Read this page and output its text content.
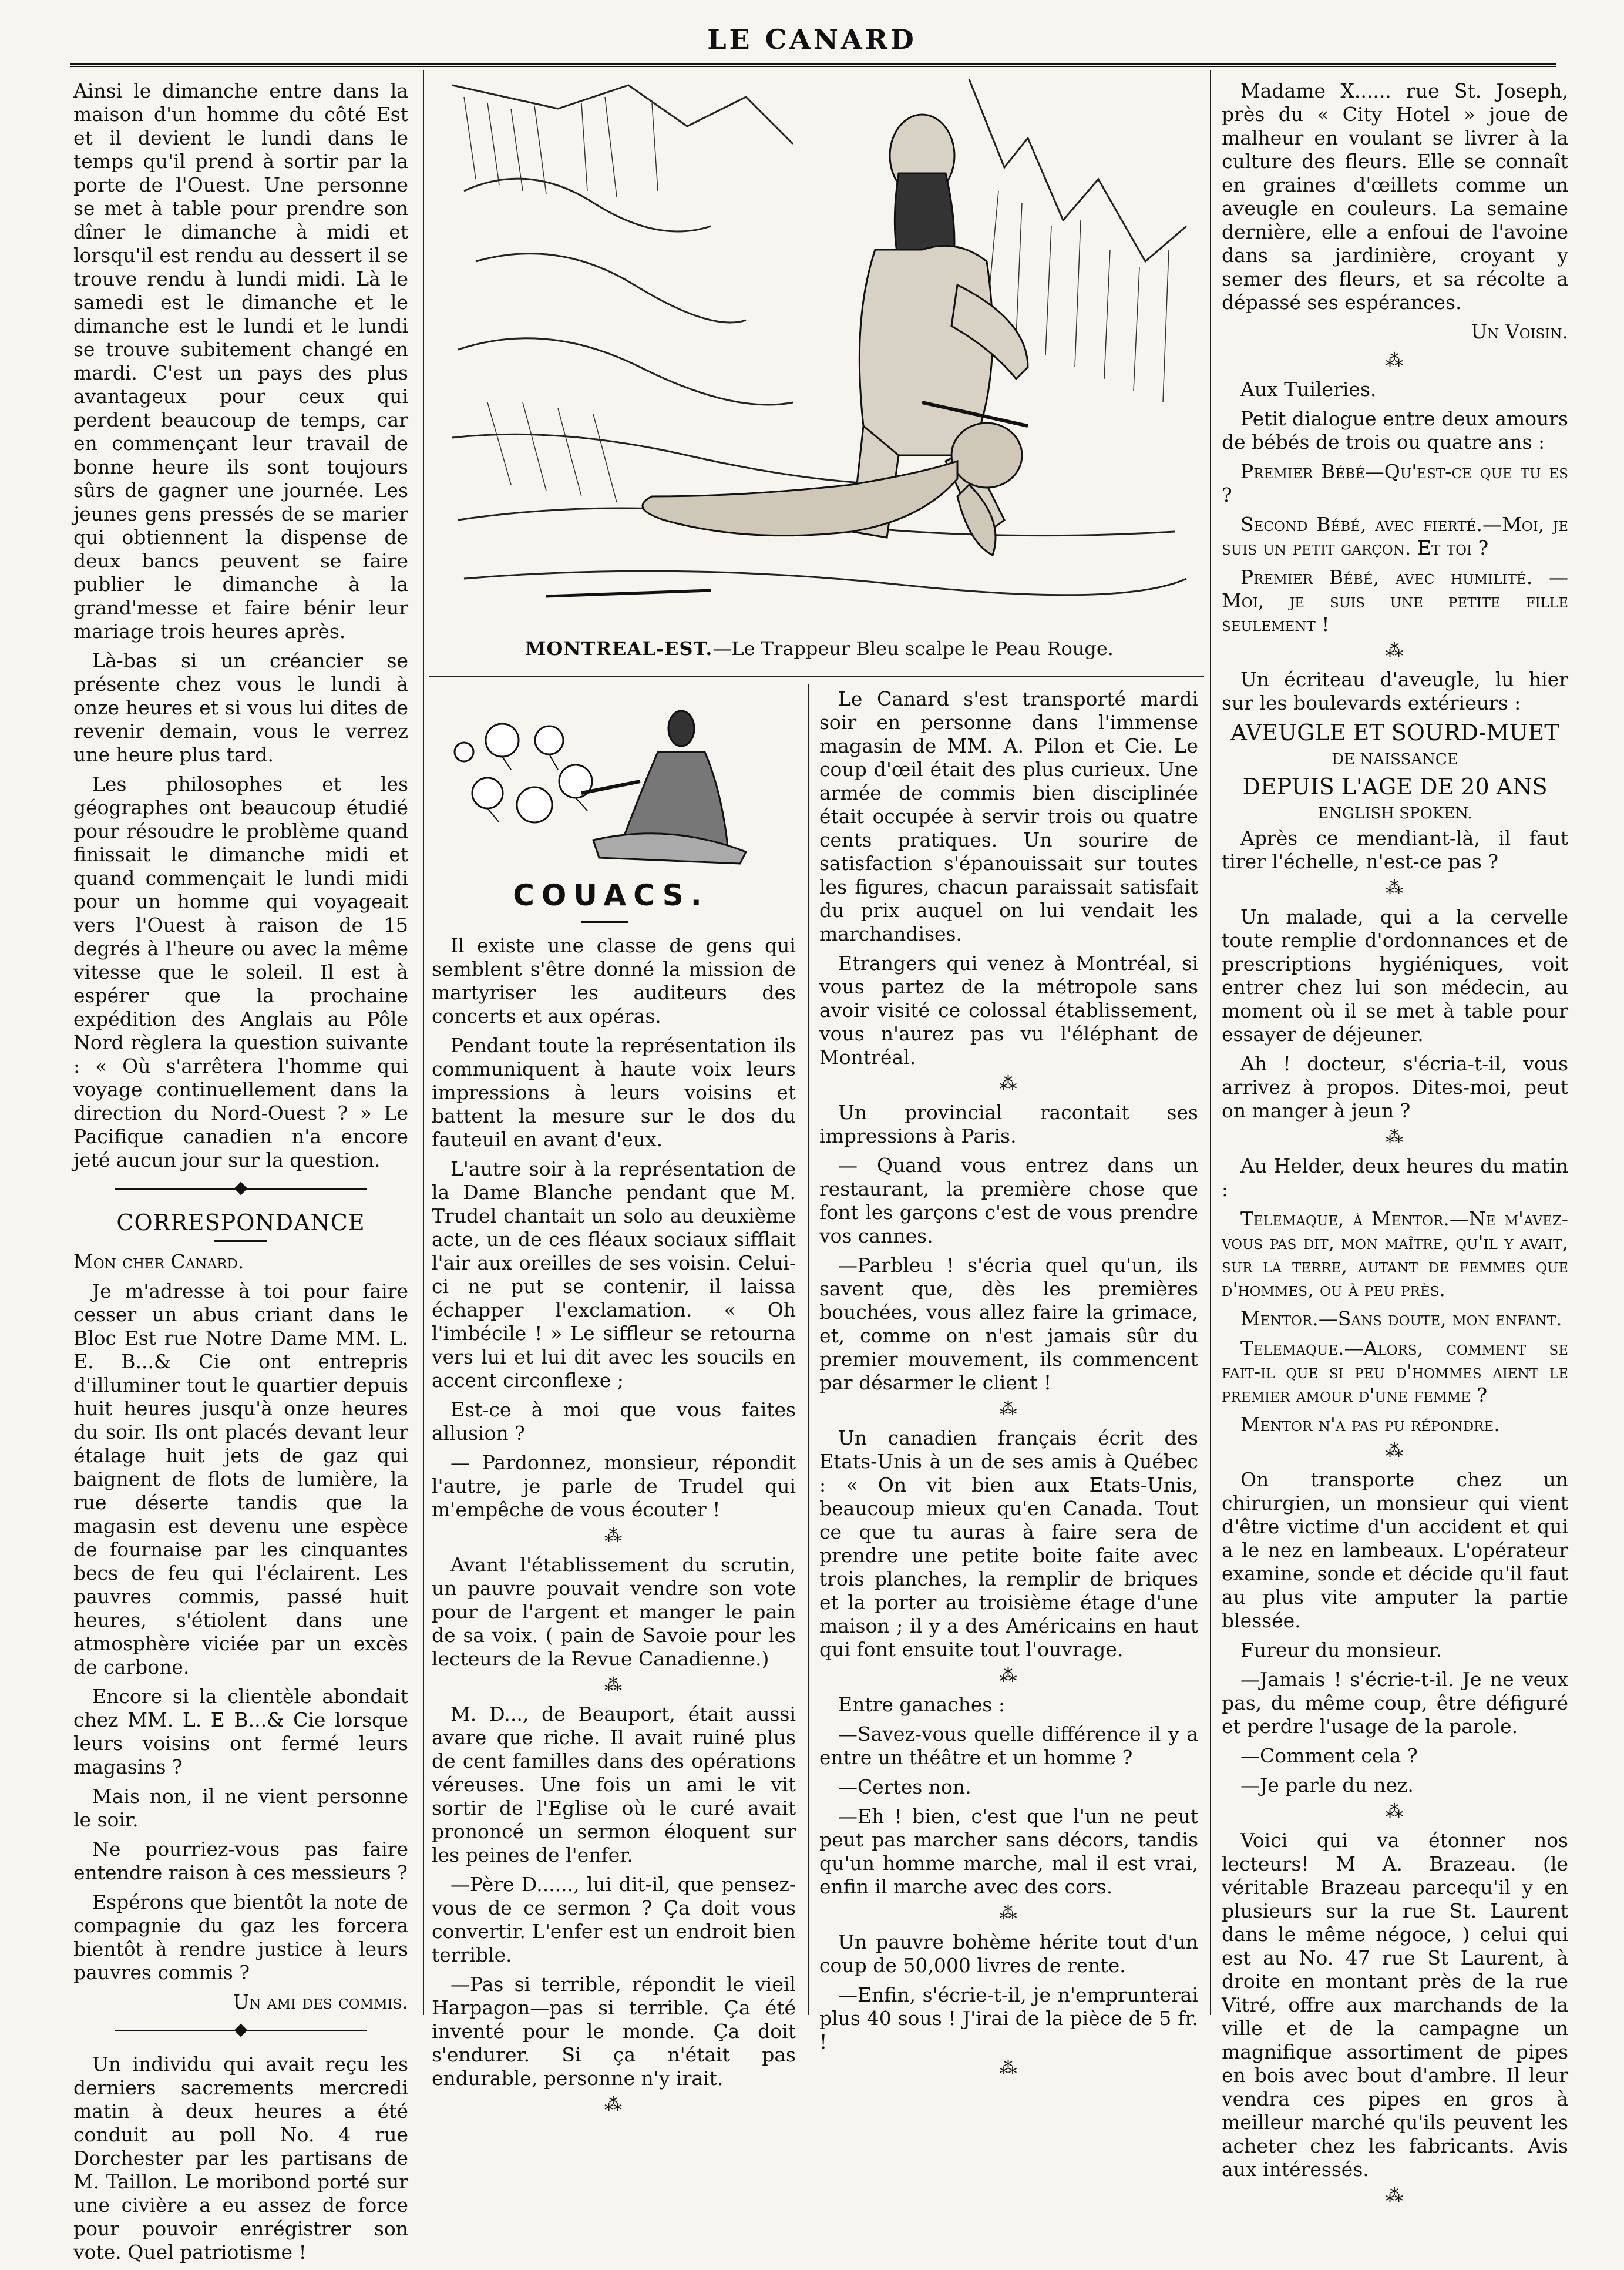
LE CANARD

Ainsi le dimanche entre dans la maison d'un homme du côté Est et il devient le lundi dans le temps qu'il prend à sortir par la porte de l'Ouest. Une personne se met à table pour prendre son dîner le dimanche à midi et lorsqu'il est rendu au dessert il se trouve rendu à lundi midi. Là le samedi est le dimanche et le dimanche est le lundi et le lundi se trouve subitement changé en mardi. C'est un pays des plus avantageux pour ceux qui perdent beaucoup de temps, car en commençant leur travail de bonne heure ils sont toujours sûrs de gagner une journée. Les jeunes gens pressés de se marier qui obtiennent la dispense de deux bancs peuvent se faire publier le dimanche à la grand'messe et faire bénir leur mariage trois heures après.

Là-bas si un créancier se présente chez vous le lundi à onze heures et si vous lui dites de revenir demain, vous le verrez une heure plus tard.

Les philosophes et les géographes ont beaucoup étudié pour résoudre le problème quand finissait le dimanche midi et quand commençait le lundi midi pour un homme qui voyageait vers l'Ouest à raison de 15 degrés à l'heure ou avec la même vitesse que le soleil. Il est à espérer que la prochaine expédition des Anglais au Pôle Nord règlera la question suivante : « Où s'arrêtera l'homme qui voyage continuellement dans la direction du Nord-Ouest ? » Le Pacifique canadien n'a encore jeté aucun jour sur la question.

CORRESPONDANCE

Mon cher Canard.

Je m'adresse à toi pour faire cesser un abus criant dans le Bloc Est rue Notre Dame MM. L. E. B...& Cie ont entrepris d'illuminer tout le quartier depuis huit heures jusqu'à onze heures du soir. Ils ont placés devant leur étalage huit jets de gaz qui baignent de flots de lumière, la rue déserte tandis que la magasin est devenu une espèce de fournaise par les cinquantes becs de feu qui l'éclairent. Les pauvres commis, passé huit heures, s'étiolent dans une atmosphère viciée par un excès de carbone.

Encore si la clientèle abondait chez MM. L. E B...& Cie lorsque leurs voisins ont fermé leurs magasins ?

Mais non, il ne vient personne le soir.

Ne pourriez-vous pas faire entendre raison à ces messieurs ?

Espérons que bientôt la note de compagnie du gaz les forcera bientôt à rendre justice à leurs pauvres commis ?

Un ami des commis.

Un individu qui avait reçu les derniers sacrements mercredi matin à deux heures a été conduit au poll No. 4 rue Dorchester par les partisans de M. Taillon. Le moribond porté sur une civière a eu assez de force pour pouvoir enrégistrer son vote. Quel patriotisme !

MONTREAL-EST.—Le Trappeur Bleu scalpe le Peau Rouge.
COUACS.

Il existe une classe de gens qui semblent s'être donné la mission de martyriser les auditeurs des concerts et aux opéras.

Pendant toute la représentation ils communiquent à haute voix leurs impressions à leurs voisins et battent la mesure sur le dos du fauteuil en avant d'eux.

L'autre soir à la représentation de la Dame Blanche pendant que M. Trudel chantait un solo au deuxième acte, un de ces fléaux sociaux sifflait l'air aux oreilles de ses voisin. Celui-ci ne put se contenir, il laissa échapper l'exclamation. « Oh l'imbécile ! » Le siffleur se retourna vers lui et lui dit avec les soucils en accent circonflexe ;

Est-ce à moi que vous faites allusion ?

— Pardonnez, monsieur, répondit l'autre, je parle de Trudel qui m'empêche de vous écouter !

⁂

Avant l'établissement du scrutin, un pauvre pouvait vendre son vote pour de l'argent et manger le pain de sa voix. ( pain de Savoie pour les lecteurs de la Revue Canadienne.)

⁂

M. D..., de Beauport, était aussi avare que riche. Il avait ruiné plus de cent familles dans des opérations véreuses. Une fois un ami le vit sortir de l'Eglise où le curé avait prononcé un sermon éloquent sur les peines de l'enfer.

—Père D......, lui dit-il, que pensez-vous de ce sermon ? Ça doit vous convertir. L'enfer est un endroit bien terrible.

—Pas si terrible, répondit le vieil Harpagon—pas si terrible. Ça été inventé pour le monde. Ça doit s'endurer. Si ça n'était pas endurable, personne n'y irait.

⁂

Le Canard s'est transporté mardi soir en personne dans l'immense magasin de MM. A. Pilon et Cie. Le coup d'œil était des plus curieux. Une armée de commis bien disciplinée était occupée à servir trois ou quatre cents pratiques. Un sourire de satisfaction s'épanouissait sur toutes les figures, chacun paraissait satisfait du prix auquel on lui vendait les marchandises.

Etrangers qui venez à Montréal, si vous partez de la métropole sans avoir visité ce colossal établissement, vous n'aurez pas vu l'éléphant de Montréal.

⁂

Un provincial racontait ses impressions à Paris.

— Quand vous entrez dans un restaurant, la première chose que font les garçons c'est de vous prendre vos cannes.

—Parbleu ! s'écria quel qu'un, ils savent que, dès les premières bouchées, vous allez faire la grimace, et, comme on n'est jamais sûr du premier mouvement, ils commencent par désarmer le client !

⁂

Un canadien français écrit des Etats-Unis à un de ses amis à Québec : « On vit bien aux Etats-Unis, beaucoup mieux qu'en Canada. Tout ce que tu auras à faire sera de prendre une petite boite faite avec trois planches, la remplir de briques et la porter au troisième étage d'une maison ; il y a des Américains en haut qui font ensuite tout l'ouvrage.

⁂

Entre ganaches :

—Savez-vous quelle différence il y a entre un théâtre et un homme ?

—Certes non.

—Eh ! bien, c'est que l'un ne peut peut pas marcher sans décors, tandis qu'un homme marche, mal il est vrai, enfin il marche avec des cors.

⁂

Un pauvre bohème hérite tout d'un coup de 50,000 livres de rente.

—Enfin, s'écrie-t-il, je n'emprunterai plus 40 sous ! J'irai de la pièce de 5 fr. !

⁂

Madame X...... rue St. Joseph, près du « City Hotel » joue de malheur en voulant se livrer à la culture des fleurs. Elle se connaît en graines d'œillets comme un aveugle en couleurs. La semaine dernière, elle a enfoui de l'avoine dans sa jardinière, croyant y semer des fleurs, et sa récolte a dépassé ses espérances.

Un Voisin.
⁂

Aux Tuileries.

Petit dialogue entre deux amours de bébés de trois ou quatre ans :

Premier Bébé—Qu'est-ce que tu es ?

Second Bébé, avec fierté.—Moi, je suis un petit garçon. Et toi ?

Premier Bébé, avec humilité. —Moi, je suis une petite fille seulement !

⁂

Un écriteau d'aveugle, lu hier sur les boulevards extérieurs :

AVEUGLE ET SOURD-MUET
DE NAISSANCE
DEPUIS L'AGE DE 20 ANS
ENGLISH SPOKEN.

Après ce mendiant-là, il faut tirer l'échelle, n'est-ce pas ?

⁂

Un malade, qui a la cervelle toute remplie d'ordonnances et de prescriptions hygiéniques, voit entrer chez lui son médecin, au moment où il se met à table pour essayer de déjeuner.

Ah ! docteur, s'écria-t-il, vous arrivez à propos. Dites-moi, peut on manger à jeun ?

⁂

Au Helder, deux heures du matin :

Telemaque, à Mentor.—Ne m'avez-vous pas dit, mon maître, qu'il y avait, sur la terre, autant de femmes que d'hommes, ou à peu près.

Mentor.—Sans doute, mon enfant.

Telemaque.—Alors, comment se fait-il que si peu d'hommes aient le premier amour d'une femme ?

Mentor n'a pas pu répondre.

⁂

On transporte chez un chirurgien, un monsieur qui vient d'être victime d'un accident et qui a le nez en lambeaux. L'opérateur examine, sonde et décide qu'il faut au plus vite amputer la partie blessée.

Fureur du monsieur.

—Jamais ! s'écrie-t-il. Je ne veux pas, du même coup, être défiguré et perdre l'usage de la parole.

—Comment cela ?

—Je parle du nez.

⁂

Voici qui va étonner nos lecteurs! M A. Brazeau. (le véritable Brazeau parcequ'il y en plusieurs sur la rue St. Laurent dans le même négoce, ) celui qui est au No. 47 rue St Laurent, à droite en montant près de la rue Vitré, offre aux marchands de la ville et de la campagne un magnifique assortiment de pipes en bois avec bout d'ambre. Il leur vendra ces pipes en gros à meilleur marché qu'ils peuvent les acheter chez les fabricants. Avis aux intéressés.

⁂
